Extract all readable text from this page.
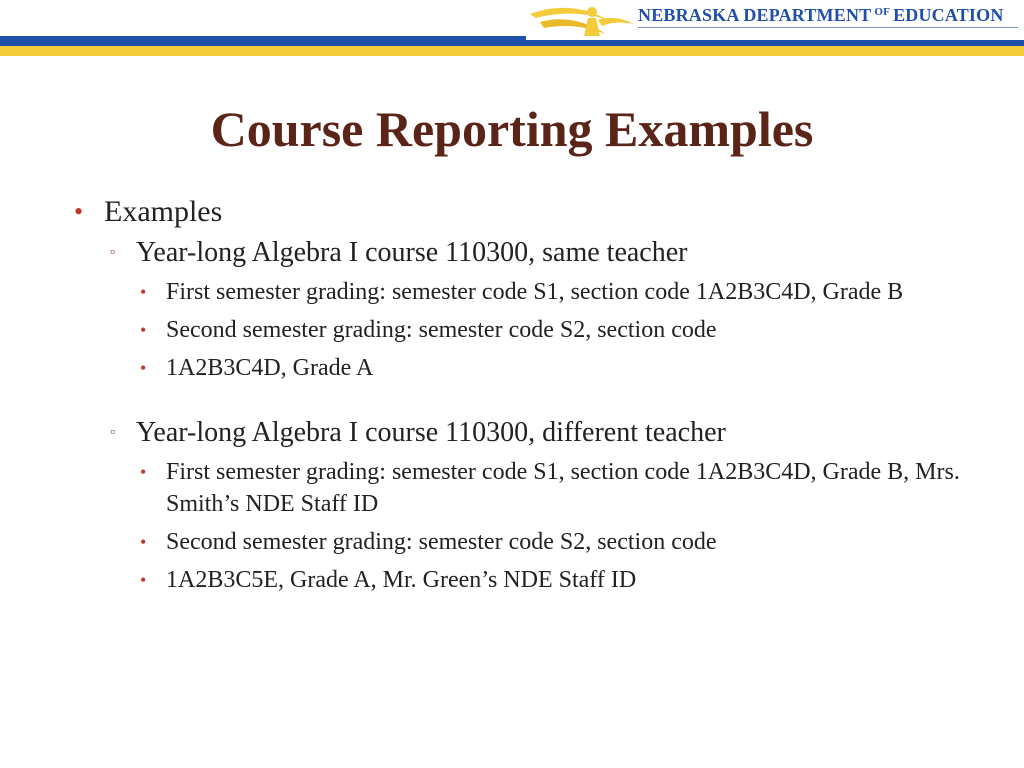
NEBRASKA DEPARTMENT $^{OF}$ EDUCATION
Course Reporting Examples
• Examples
▫ Year-long Algebra I course 110300, same teacher
• First semester grading: semester code S1, section code 1A2B3C4D, Grade B
• Second semester grading: semester code S2, section code
• 1A2B3C4D, Grade A
▫ Year-long Algebra I course 110300, different teacher
• First semester grading: semester code S1, section code 1A2B3C4D, Grade B, Mrs. Smith’s NDE Staff ID
• Second semester grading: semester code S2, section code
• 1A2B3C5E, Grade A, Mr. Green’s NDE Staff ID
